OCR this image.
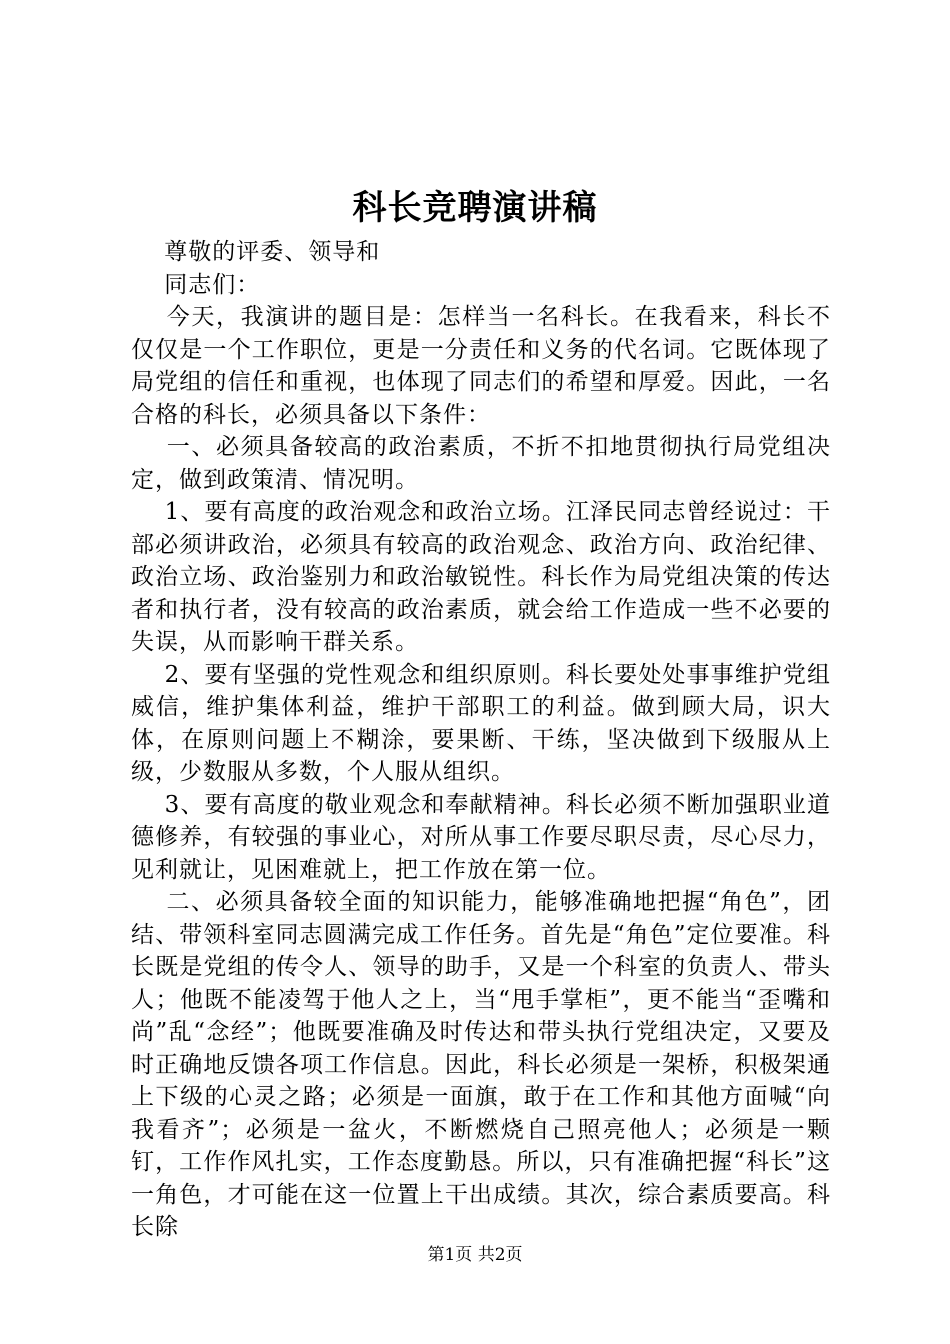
科长竞聘演讲稿

尊敬的评委、领导和

同志们：

今天，我演讲的题目是：怎样当一名科长。在我看来，科长不仅仅是一个工作职位，更是一分责任和义务的代名词。它既体现了局党组的信任和重视，也体现了同志们的希望和厚爱。因此，一名合格的科长，必须具备以下条件：

一、必须具备较高的政治素质，不折不扣地贯彻执行局党组决定，做到政策清、情况明。

1、要有高度的政治观念和政治立场。江泽民同志曾经说过：干部必须讲政治，必须具有较高的政治观念、政治方向、政治纪律、政治立场、政治鉴别力和政治敏锐性。科长作为局党组决策的传达者和执行者，没有较高的政治素质，就会给工作造成一些不必要的失误，从而影响干群关系。

2、要有坚强的党性观念和组织原则。科长要处处事事维护党组威信，维护集体利益，维护干部职工的利益。做到顾大局，识大体，在原则问题上不糊涂，要果断、干练，坚决做到下级服从上级，少数服从多数，个人服从组织。

3、要有高度的敬业观念和奉献精神。科长必须不断加强职业道德修养，有较强的事业心，对所从事工作要尽职尽责，尽心尽力，见利就让，见困难就上，把工作放在第一位。

二、必须具备较全面的知识能力，能够准确地把握“角色”，团结、带领科室同志圆满完成工作任务。首先是“角色”定位要准。科长既是党组的传令人、领导的助手，又是一个科室的负责人、带头人；他既不能凌驾于他人之上，当“甩手掌柜”，更不能当“歪嘴和尚”乱“念经”；他既要准确及时传达和带头执行党组决定，又要及时正确地反馈各项工作信息。因此，科长必须是一架桥，积极架通上下级的心灵之路；必须是一面旗，敢于在工作和其他方面喊“向我看齐”；必须是一盆火，不断燃烧自己照亮他人；必须是一颗钉，工作作风扎实，工作态度勤恳。所以，只有准确把握“科长”这一角色，才可能在这一位置上干出成绩。其次，综合素质要高。科长除

第1页 共2页
